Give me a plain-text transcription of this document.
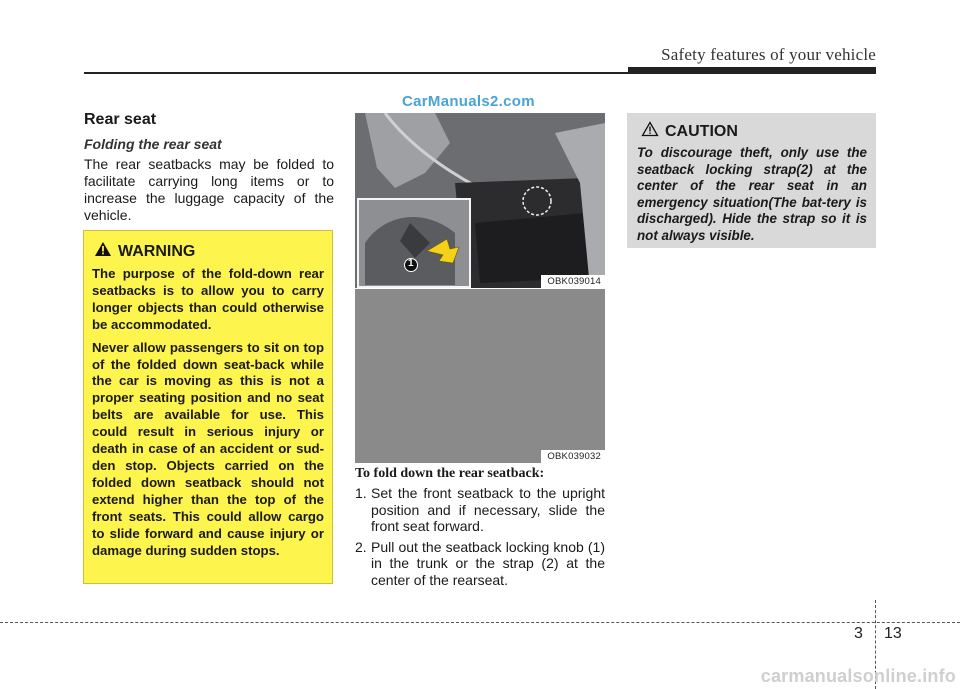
Safety features of your vehicle
CarManuals2.com
Rear seat
Folding the rear seat
The rear seatbacks may be folded to facilitate carrying long items or to increase the luggage capacity of the vehicle.
WARNING

The purpose of the fold-down rear seatbacks is to allow you to carry longer objects than could otherwise be accommodated.

Never allow passengers to sit on top of the folded down seat-back while the car is moving as this is not a proper seating position and no seat belts are available for use. This could result in serious injury or death in case of an accident or sud-den stop. Objects carried on the folded down seatback should not extend higher than the top of the front seats. This could allow cargo to slide forward and cause injury or damage during sudden stops.

1
OBK039014
OBK039032
To fold down the rear seatback:
1. Set the front seatback to the upright position and if necessary, slide the front seat forward.
2. Pull out the seatback locking knob (1) in the trunk or the strap (2) at the center of the rearseat.
CAUTION
To discourage theft, only use the seatback locking strap(2) at the center of the rear seat in an emergency situation(The bat-tery is discharged). Hide the strap so it is not always visible.
3 13
carmanualsonline.info
